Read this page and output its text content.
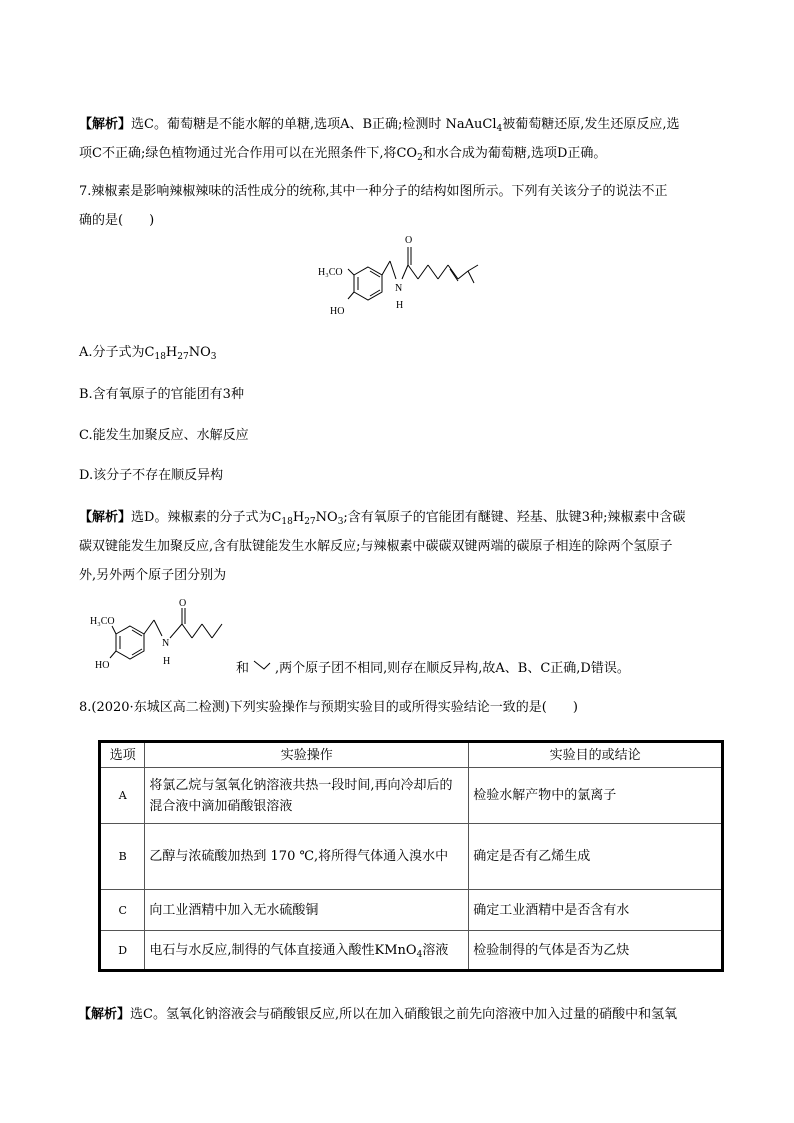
【解析】选C。葡萄糖是不能水解的单糖,选项A、B正确;检测时 NaAuCl$_4$被葡萄糖还原,发生还原反应,选
项C不正确;绿色植物通过光合作用可以在光照条件下,将$CO_2$和水合成为葡萄糖,选项D正确。

7.辣椒素是影响辣椒辣味的活性成分的统称,其中一种分子的结构如图所示。下列有关该分子的说法不正
确的是(　　)

H₃CO
HO
N
H
O

A.分子式为$C_{18}H_{27}NO_3$

B.含有氧原子的官能团有3种

C.能发生加聚反应、水解反应

D.该分子不存在顺反异构

【解析】选D。辣椒素的分子式为$C_{18}H_{27}NO_3$;含有氧原子的官能团有醚键、羟基、肽键3种;辣椒素中含碳
碳双键能发生加聚反应,含有肽键能发生水解反应;与辣椒素中碳碳双键两端的碳原子相连的除两个氢原子
外,另外两个原子团分别为

H₃CO
HO
N
H
O

和 ,两个原子团不相同,则存在顺反异构,故A、B、C正确,D错误。

8.(2020·东城区高二检测)下列实验操作与预期实验目的或所得实验结论一致的是(　　)

选项	实验操作	实验目的或结论
A	将氯乙烷与氢氧化钠溶液共热一段时间,再向冷却后的混合液中滴加硝酸银溶液	检验水解产物中的氯离子
B	乙醇与浓硫酸加热到 170 ℃,将所得气体通入溴水中	确定是否有乙烯生成
C	向工业酒精中加入无水硫酸铜	确定工业酒精中是否含有水
D	电石与水反应,制得的气体直接通入酸性KMnO$_4$溶液	检验制得的气体是否为乙炔

【解析】选C。氢氧化钠溶液会与硝酸银反应,所以在加入硝酸银之前先向溶液中加入过量的硝酸中和氢氧
